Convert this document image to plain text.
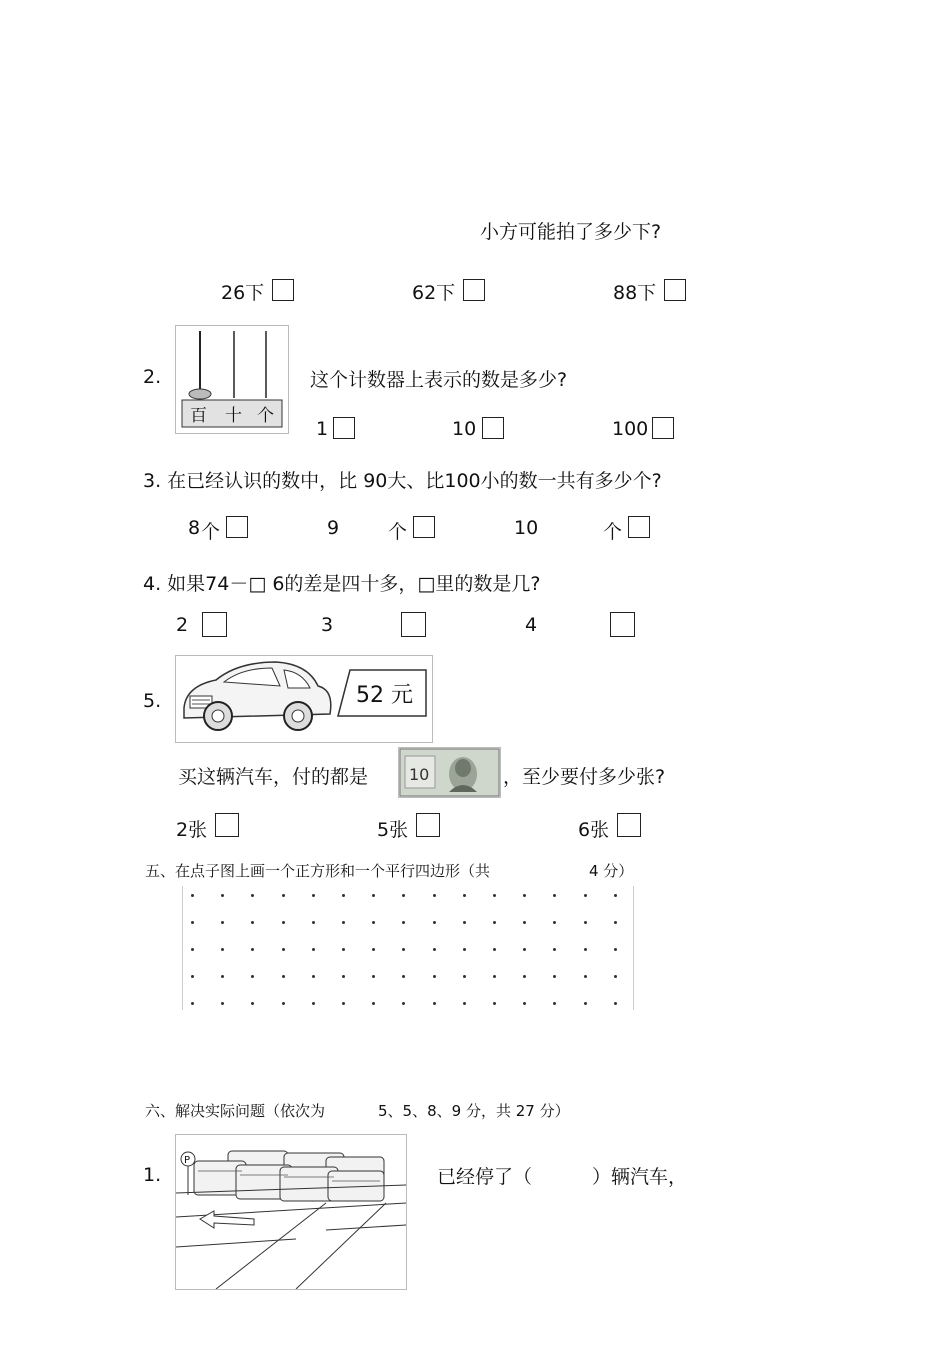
小方可能拍了多少下?
26下	62下	88下
2.
百 十 个
这个计数器上表示的数是多少?
1	10	100
3. 在已经认识的数中，比 90大、比100小的数一共有多少个?
8 个	9	个	10	个
4. 如果74－□ 6的差是四十多，□里的数是几?
2	3	4
5.	52 元
买这辆汽车，付的都是	10	，至少要付多少张?
2张	5张	6张
五、在点子图上画一个正方形和一个平行四边形（共	4 分）
六、解决实际问题（依次为	5、5、8、9 分，共 27 分）
1.
P
已经停了（	）辆汽车，
